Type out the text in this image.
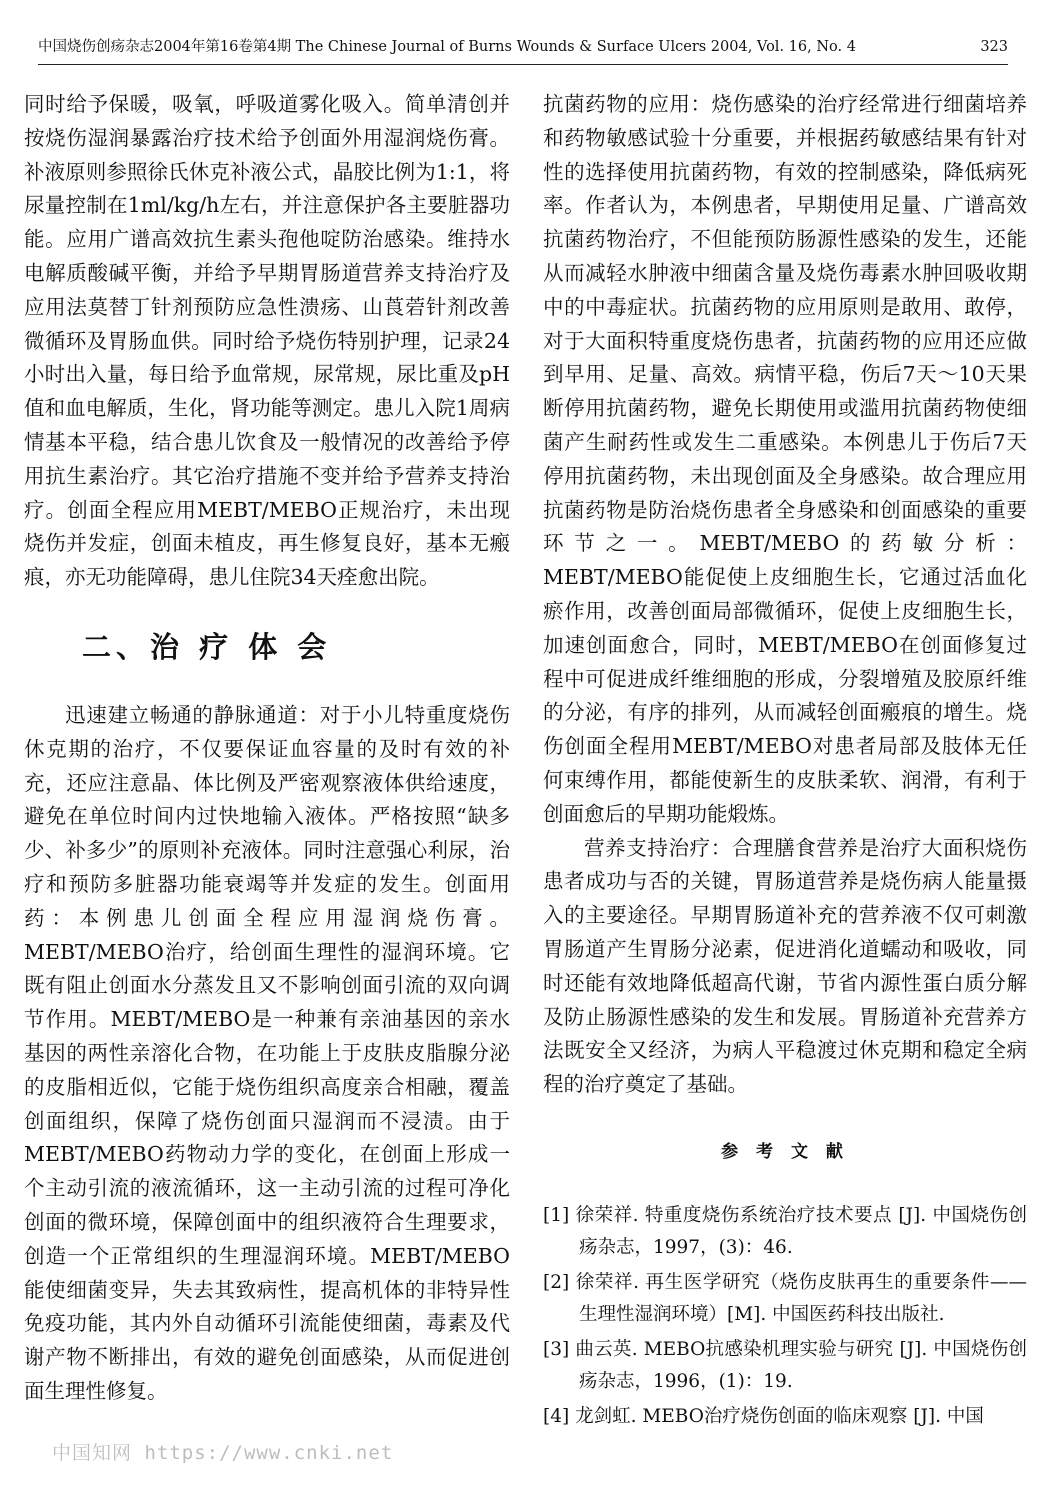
中国烧伤创疡杂志2004年第16卷第4期 The Chinese Journal of Burns Wounds & Surface Ulcers 2004, Vol. 16, No. 4	323

同时给予保暖，吸氧，呼吸道雾化吸入。简单清创并按烧伤湿润暴露治疗技术给予创面外用湿润烧伤膏。补液原则参照徐氏休克补液公式，晶胶比例为1:1，将尿量控制在1ml/kg/h左右，并注意保护各主要脏器功能。应用广谱高效抗生素头孢他啶防治感染。维持水电解质酸碱平衡，并给予早期胃肠道营养支持治疗及应用法莫替丁针剂预防应急性溃疡、山莨菪针剂改善微循环及胃肠血供。同时给予烧伤特别护理，记录24小时出入量，每日给予血常规，尿常规，尿比重及pH值和血电解质，生化，肾功能等测定。患儿入院1周病情基本平稳，结合患儿饮食及一般情况的改善给予停用抗生素治疗。其它治疗措施不变并给予营养支持治疗。创面全程应用MEBT/MEBO正规治疗，未出现烧伤并发症，创面未植皮，再生修复良好，基本无瘢痕，亦无功能障碍，患儿住院34天痊愈出院。

二、治 疗 体 会

迅速建立畅通的静脉通道：对于小儿特重度烧伤休克期的治疗，不仅要保证血容量的及时有效的补充，还应注意晶、体比例及严密观察液体供给速度，避免在单位时间内过快地输入液体。严格按照“缺多少、补多少”的原则补充液体。同时注意强心利尿，治疗和预防多脏器功能衰竭等并发症的发生。创面用药：本例患儿创面全程应用湿润烧伤膏。MEBT/MEBO治疗，给创面生理性的湿润环境。它既有阻止创面水分蒸发且又不影响创面引流的双向调节作用。MEBT/MEBO是一种兼有亲油基因的亲水基因的两性亲溶化合物，在功能上于皮肤皮脂腺分泌的皮脂相近似，它能于烧伤组织高度亲合相融，覆盖创面组织，保障了烧伤创面只湿润而不浸渍。由于MEBT/MEBO药物动力学的变化，在创面上形成一个主动引流的液流循环，这一主动引流的过程可净化创面的微环境，保障创面中的组织液符合生理要求，创造一个正常组织的生理湿润环境。MEBT/MEBO能使细菌变异，失去其致病性，提高机体的非特异性免疫功能，其内外自动循环引流能使细菌，毒素及代谢产物不断排出，有效的避免创面感染，从而促进创面生理性修复。

抗菌药物的应用：烧伤感染的治疗经常进行细菌培养和药物敏感试验十分重要，并根据药敏感结果有针对性的选择使用抗菌药物，有效的控制感染，降低病死率。作者认为，本例患者，早期使用足量、广谱高效抗菌药物治疗，不但能预防肠源性感染的发生，还能从而减轻水肿液中细菌含量及烧伤毒素水肿回吸收期中的中毒症状。抗菌药物的应用原则是敢用、敢停，对于大面积特重度烧伤患者，抗菌药物的应用还应做到早用、足量、高效。病情平稳，伤后7天～10天果断停用抗菌药物，避免长期使用或滥用抗菌药物使细菌产生耐药性或发生二重感染。本例患儿于伤后7天停用抗菌药物，未出现创面及全身感染。故合理应用抗菌药物是防治烧伤患者全身感染和创面感染的重要环节之一。MEBT/MEBO的药敏分析：MEBT/MEBO能促使上皮细胞生长，它通过活血化瘀作用，改善创面局部微循环，促使上皮细胞生长，加速创面愈合，同时，MEBT/MEBO在创面修复过程中可促进成纤维细胞的形成，分裂增殖及胶原纤维的分泌，有序的排列，从而减轻创面瘢痕的增生。烧伤创面全程用MEBT/MEBO对患者局部及肢体无任何束缚作用，都能使新生的皮肤柔软、润滑，有利于创面愈后的早期功能煅炼。

营养支持治疗：合理膳食营养是治疗大面积烧伤患者成功与否的关键，胃肠道营养是烧伤病人能量摄入的主要途径。早期胃肠道补充的营养液不仅可刺激胃肠道产生胃肠分泌素，促进消化道蠕动和吸收，同时还能有效地降低超高代谢，节省内源性蛋白质分解及防止肠源性感染的发生和发展。胃肠道补充营养方法既安全又经济，为病人平稳渡过休克期和稳定全病程的治疗奠定了基础。

参 考 文 献
[1] 徐荣祥. 特重度烧伤系统治疗技术要点 [J]. 中国烧伤创疡杂志，1997，(3)：46.
[2] 徐荣祥. 再生医学研究（烧伤皮肤再生的重要条件——生理性湿润环境）[M]. 中国医药科技出版社.
[3] 曲云英. MEBO抗感染机理实验与研究 [J]. 中国烧伤创疡杂志，1996，(1)：19.
[4] 龙剑虹. MEBO治疗烧伤创面的临床观察 [J]. 中国
中国知网 https://www.cnki.net
